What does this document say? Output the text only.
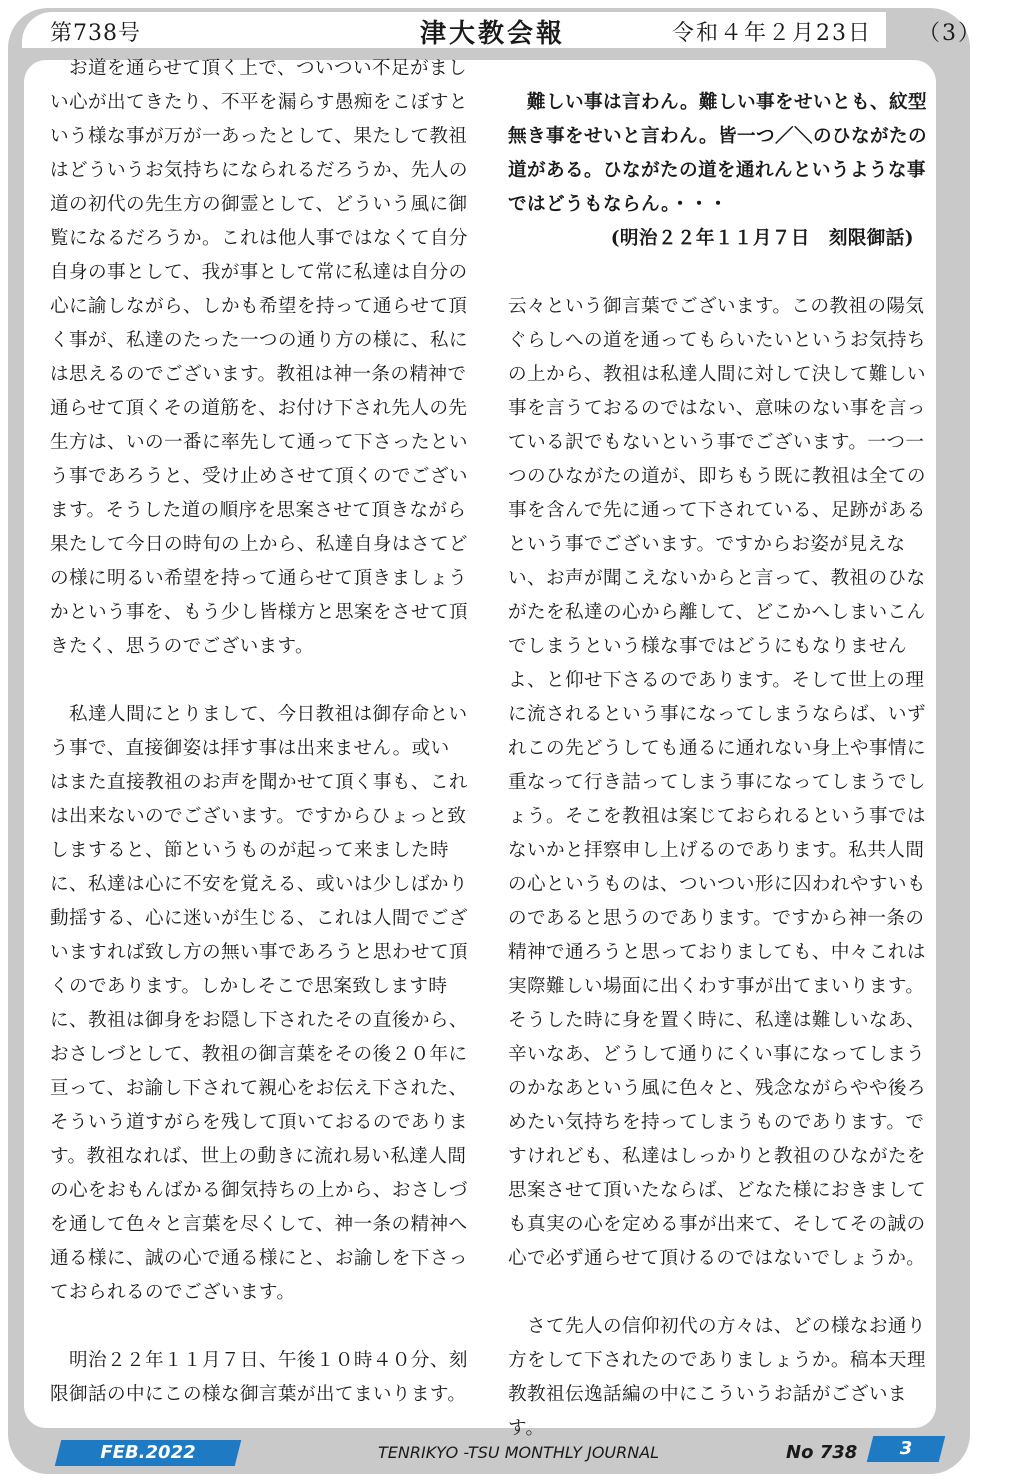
第738号	津大教会報	令和４年２月23日 （3）

　お道を通らせて頂く上で、ついつい不足がましい心が出てきたり、不平を漏らす愚痴をこぼすという様な事が万が一あったとして、果たして教祖はどういうお気持ちになられるだろうか、先人の道の初代の先生方の御霊として、どういう風に御覧になるだろうか。これは他人事ではなくて自分自身の事として、我が事として常に私達は自分の心に諭しながら、しかも希望を持って通らせて頂く事が、私達のたった一つの通り方の様に、私には思えるのでございます。教祖は神一条の精神で通らせて頂くその道筋を、お付け下され先人の先生方は、いの一番に率先して通って下さったという事であろうと、受け止めさせて頂くのでございます。そうした道の順序を思案させて頂きながら果たして今日の時旬の上から、私達自身はさてどの様に明るい希望を持って通らせて頂きましょうかという事を、もう少し皆様方と思案をさせて頂きたく、思うのでございます。

　私達人間にとりまして、今日教祖は御存命という事で、直接御姿は拝す事は出来ません。或いはまた直接教祖のお声を聞かせて頂く事も、これは出来ないのでございます。ですからひょっと致しますると、節というものが起って来ました時に、私達は心に不安を覚える、或いは少しばかり動揺する、心に迷いが生じる、これは人間でございますれば致し方の無い事であろうと思わせて頂くのであります。しかしそこで思案致します時に、教祖は御身をお隠し下されたその直後から、おさしづとして、教祖の御言葉をその後２０年に亘って、お諭し下されて親心をお伝え下された、そういう道すがらを残して頂いておるのであります。教祖なれば、世上の動きに流れ易い私達人間の心をおもんばかる御気持ちの上から、おさしづを通して色々と言葉を尽くして、神一条の精神へ通る様に、誠の心で通る様にと、お諭しを下さっておられるのでございます。

　明治２２年１１月７日、午後１０時４０分、刻限御話の中にこの様な御言葉が出てまいります。

　難しい事は言わん。難しい事をせいとも、紋型無き事をせいと言わん。皆一つ／＼のひながたの道がある。ひながたの道を通れんというような事ではどうもならん。・・・

(明治２２年１１月７日　刻限御話)

云々という御言葉でございます。この教祖の陽気ぐらしへの道を通ってもらいたいというお気持ちの上から、教祖は私達人間に対して決して難しい事を言うておるのではない、意味のない事を言っている訳でもないという事でございます。一つ一つのひながたの道が、即ちもう既に教祖は全ての事を含んで先に通って下されている、足跡があるという事でございます。ですからお姿が見えない、お声が聞こえないからと言って、教祖のひながたを私達の心から離して、どこかへしまいこんでしまうという様な事ではどうにもなりませんよ、と仰せ下さるのであります。そして世上の理に流されるという事になってしまうならば、いずれこの先どうしても通るに通れない身上や事情に重なって行き詰ってしまう事になってしまうでしょう。そこを教祖は案じておられるという事ではないかと拝察申し上げるのであります。私共人間の心というものは、ついつい形に囚われやすいものであると思うのであります。ですから神一条の精神で通ろうと思っておりましても、中々これは実際難しい場面に出くわす事が出てまいります。そうした時に身を置く時に、私達は難しいなあ、辛いなあ、どうして通りにくい事になってしまうのかなあという風に色々と、残念ながらやや後ろめたい気持ちを持ってしまうものであります。ですけれども、私達はしっかりと教祖のひながたを思案させて頂いたならば、どなた様におきましても真実の心を定める事が出来て、そしてその誠の心で必ず通らせて頂けるのではないでしょうか。

　さて先人の信仰初代の方々は、どの様なお通り方をして下されたのでありましょうか。稿本天理教教祖伝逸話編の中にこういうお話がございます。

FEB.2022	TENRIKYO -TSU MONTHLY JOURNAL	No 738	3
